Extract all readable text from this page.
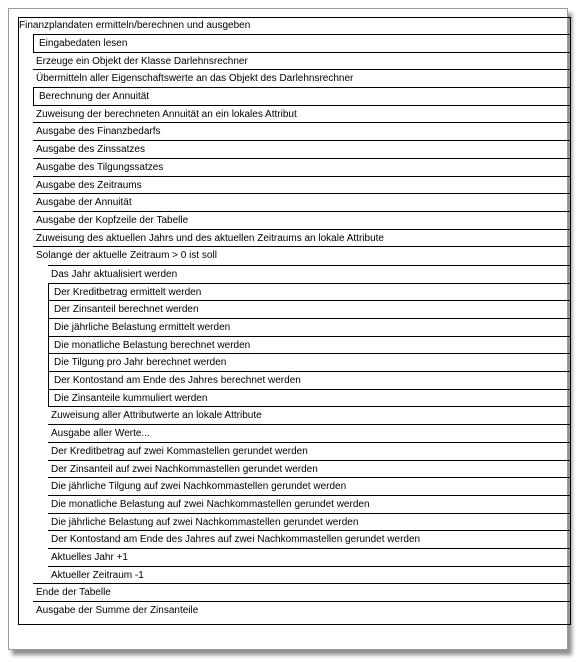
Finanzplandaten ermitteln/berechnen und ausgeben
Eingabedaten lesen
Erzeuge ein Objekt der Klasse Darlehnsrechner
Übermitteln aller Eigenschaftswerte an das Objekt des Darlehnsrechner
Berechnung der Annuität
Zuweisung der berechneten Annuität an ein lokales Attribut
Ausgabe des Finanzbedarfs
Ausgabe des Zinssatzes
Ausgabe des Tilgungssatzes
Ausgabe des Zeitraums
Ausgabe der Annuität
Ausgabe der Kopfzeile der Tabelle
Zuweisung des aktuellen Jahrs und des aktuellen Zeitraums an lokale Attribute
Solange der aktuelle Zeitraum > 0 ist soll
Das Jahr aktualisiert werden
Der Kreditbetrag ermittelt werden
Der Zinsanteil berechnet werden
Die jährliche Belastung ermittelt werden
Die monatliche Belastung berechnet werden
Die Tilgung pro Jahr berechnet werden
Der Kontostand am Ende des Jahres berechnet werden
Die Zinsanteile kummuliert werden
Zuweisung aller Attributwerte an lokale Attribute
Ausgabe aller Werte...
Der Kreditbetrag auf zwei Kommastellen gerundet werden
Der Zinsanteil auf zwei Nachkommastellen gerundet werden
Die jährliche Tilgung auf zwei Nachkommastellen gerundet werden
Die monatliche Belastung auf zwei Nachkommastellen gerundet werden
Die jährliche Belastung auf zwei Nachkommastellen gerundet werden
Der Kontostand am Ende des Jahres auf zwei Nachkommastellen gerundet werden
Aktuelles Jahr +1
Aktueller Zeitraum -1
Ende der Tabelle
Ausgabe der Summe der Zinsanteile
